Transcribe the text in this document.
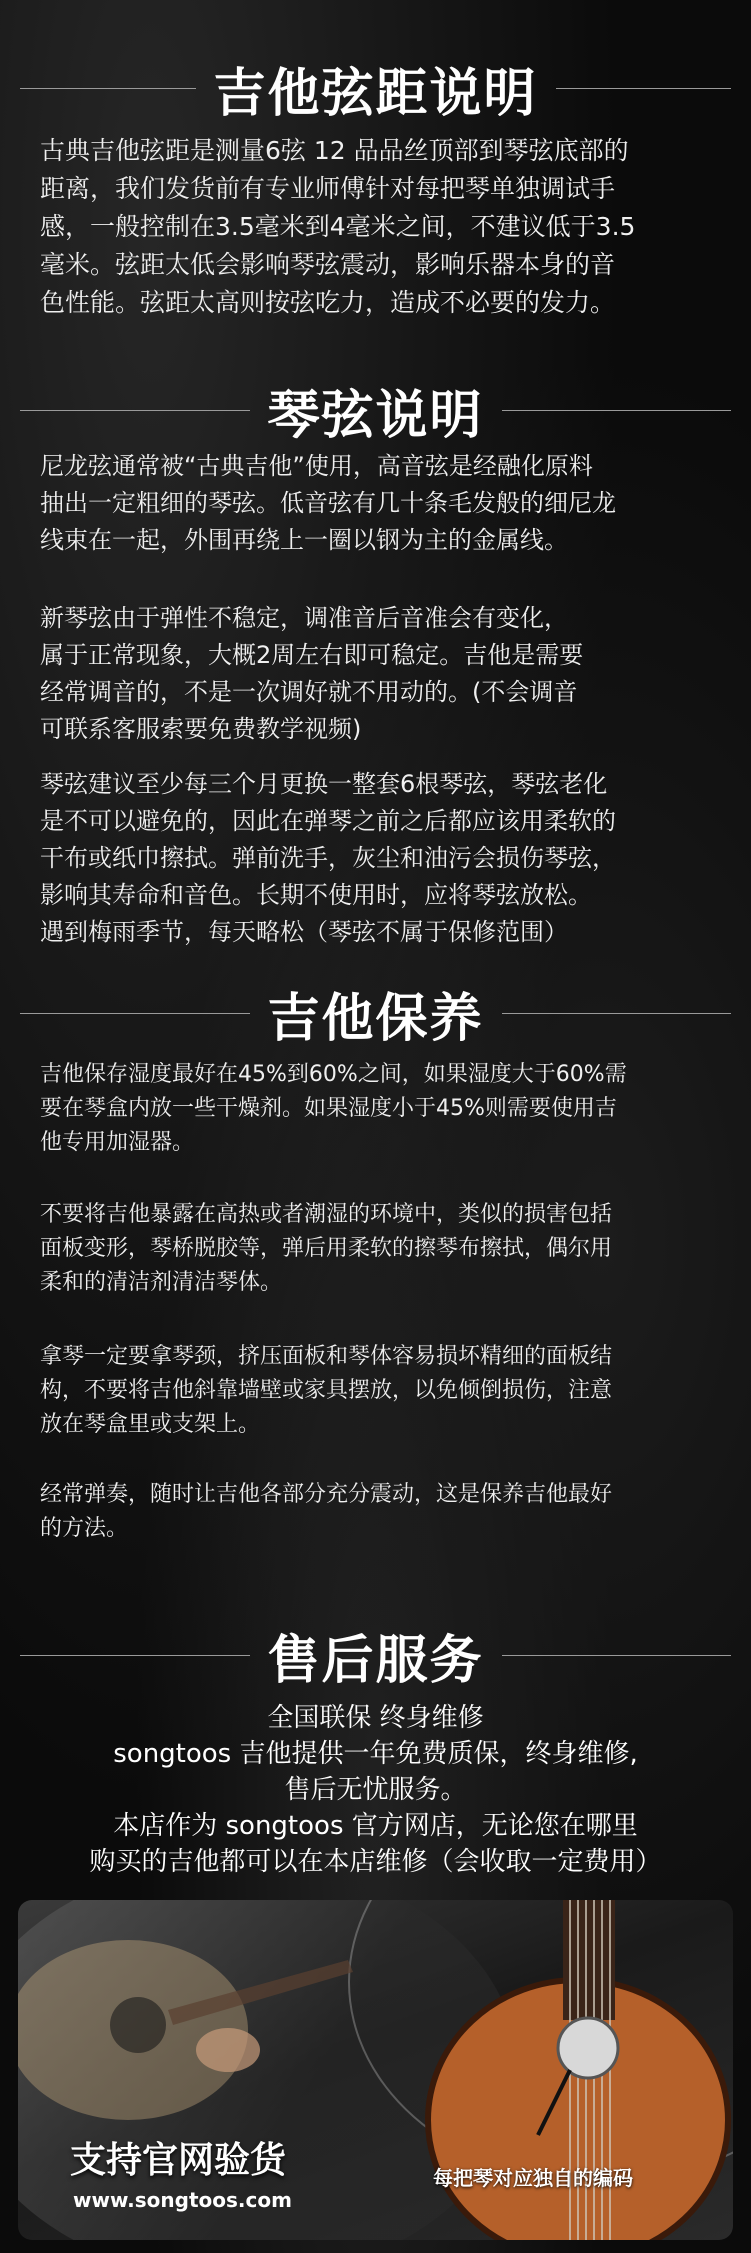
吉他弦距说明
古典吉他弦距是测量6弦 12 品品丝顶部到琴弦底部的
距离，我们发货前有专业师傅针对每把琴单独调试手
感，一般控制在3.5毫米到4毫米之间，不建议低于3.5
毫米。弦距太低会影响琴弦震动，影响乐器本身的音
色性能。弦距太高则按弦吃力，造成不必要的发力。
琴弦说明
尼龙弦通常被“古典吉他”使用，高音弦是经融化原料
抽出一定粗细的琴弦。低音弦有几十条毛发般的细尼龙
线束在一起，外围再绕上一圈以钢为主的金属线。
新琴弦由于弹性不稳定，调准音后音准会有变化，
属于正常现象，大概2周左右即可稳定。吉他是需要
经常调音的，不是一次调好就不用动的。(不会调音
可联系客服索要免费教学视频)
琴弦建议至少每三个月更换一整套6根琴弦，琴弦老化
是不可以避免的，因此在弹琴之前之后都应该用柔软的
干布或纸巾擦拭。弹前洗手，灰尘和油污会损伤琴弦，
影响其寿命和音色。长期不使用时，应将琴弦放松。
遇到梅雨季节，每天略松（琴弦不属于保修范围）
吉他保养
吉他保存湿度最好在45%到60%之间，如果湿度大于60%需
要在琴盒内放一些干燥剂。如果湿度小于45%则需要使用吉
他专用加湿器。
不要将吉他暴露在高热或者潮湿的环境中，类似的损害包括
面板变形，琴桥脱胶等，弹后用柔软的擦琴布擦拭，偶尔用
柔和的清洁剂清洁琴体。
拿琴一定要拿琴颈，挤压面板和琴体容易损坏精细的面板结
构，不要将吉他斜靠墙壁或家具摆放，以免倾倒损伤，注意
放在琴盒里或支架上。
经常弹奏，随时让吉他各部分充分震动，这是保养吉他最好
的方法。
售后服务
全国联保 终身维修
songtoos 吉他提供一年免费质保，终身维修,
售后无忧服务。
本店作为 songtoos 官方网店，无论您在哪里
购买的吉他都可以在本店维修（会收取一定费用）
支持官网验货
www.songtoos.com
每把琴对应独自的编码
